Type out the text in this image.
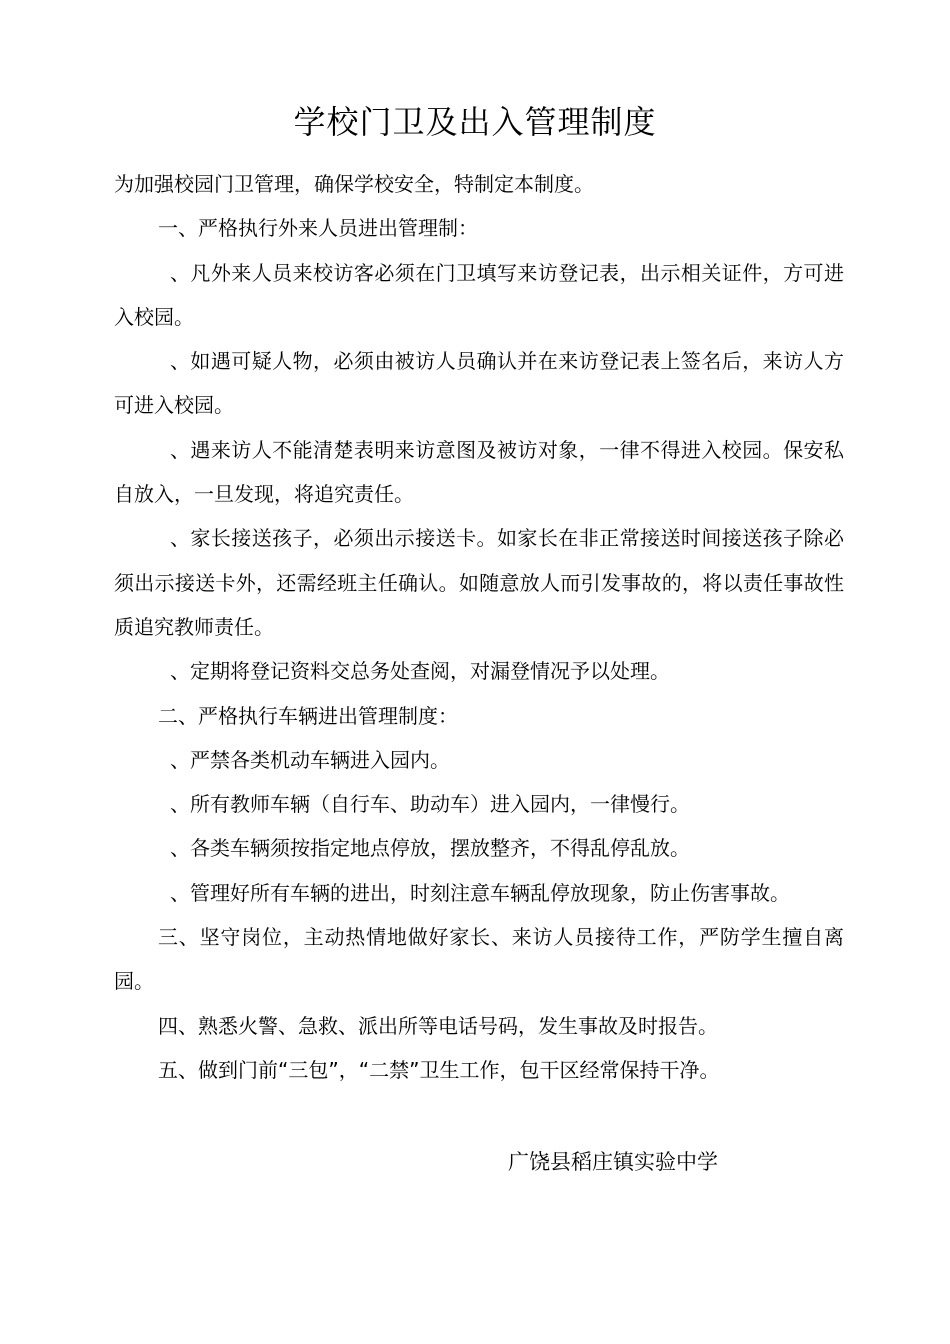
学校门卫及出入管理制度

为加强校园门卫管理，确保学校安全，特制定本制度。

一、严格执行外来人员进出管理制：

、凡外来人员来校访客必须在门卫填写来访登记表，出示相关证件，方可进入校园。

、如遇可疑人物，必须由被访人员确认并在来访登记表上签名后，来访人方可进入校园。

、遇来访人不能清楚表明来访意图及被访对象，一律不得进入校园。保安私自放入，一旦发现，将追究责任。

、家长接送孩子，必须出示接送卡。如家长在非正常接送时间接送孩子除必须出示接送卡外，还需经班主任确认。如随意放人而引发事故的，将以责任事故性质追究教师责任。

、定期将登记资料交总务处查阅，对漏登情况予以处理。

二、严格执行车辆进出管理制度：

、严禁各类机动车辆进入园内。

、所有教师车辆（自行车、助动车）进入园内，一律慢行。

、各类车辆须按指定地点停放，摆放整齐，不得乱停乱放。

、管理好所有车辆的进出，时刻注意车辆乱停放现象，防止伤害事故。

三、坚守岗位，主动热情地做好家长、来访人员接待工作，严防学生擅自离园。

四、熟悉火警、急救、派出所等电话号码，发生事故及时报告。

五、做到门前“三包”，“二禁”卫生工作，包干区经常保持干净。

广饶县稻庄镇实验中学
